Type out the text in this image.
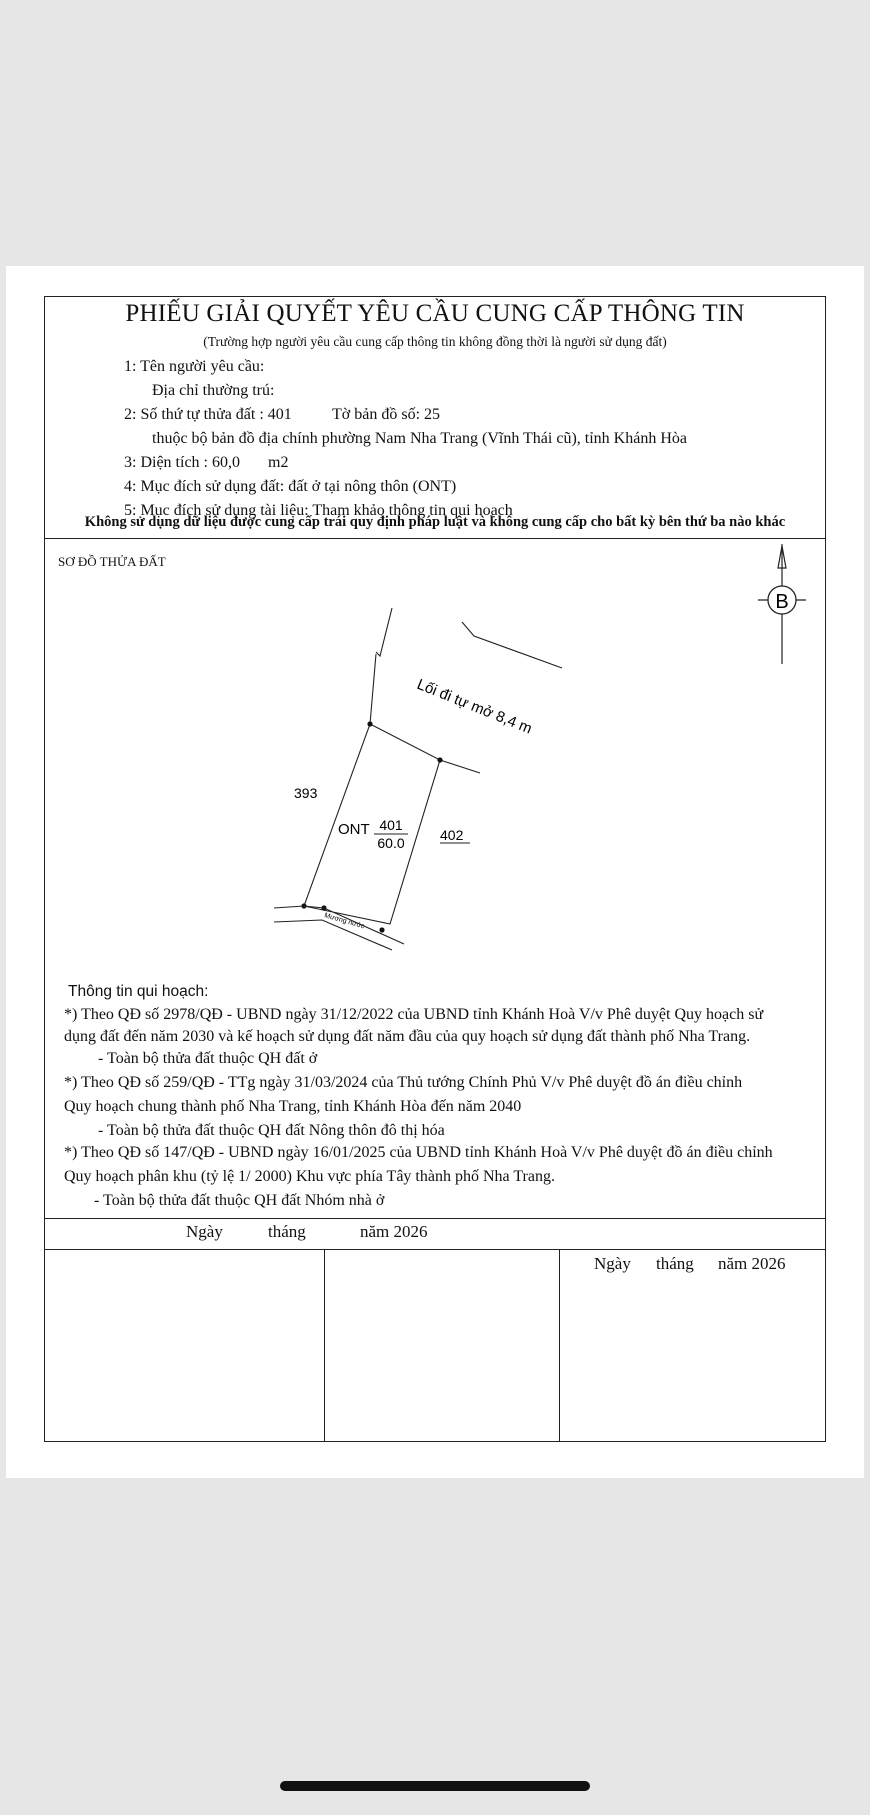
PHIẾU GIẢI QUYẾT YÊU CẦU CUNG CẤP THÔNG TIN
(Trường hợp người yêu cầu cung cấp thông tin không đồng thời là người sử dụng đất)
1: Tên người yêu cầu:
Địa chỉ thường trú:
2: Số thứ tự thửa đất : 401	Tờ bản đồ số: 25
thuộc bộ bản đồ địa chính phường Nam Nha Trang (Vĩnh Thái cũ), tỉnh Khánh Hòa
3: Diện tích : 60,0 m2
4: Mục đích sử dụng đất: đất ở tại nông thôn (ONT)
5: Mục đích sử dụng tài liệu: Tham khảo thông tin qui hoạch
Không sử dụng dữ liệu được cung cấp trái quy định pháp luật và không cung cấp cho bất kỳ bên thứ ba nào khác
SƠ ĐỒ THỬA ĐẤT
B
Lối đi tự mở 8,4 m
393
ONT 401
60.0	402
Mương nước
Thông tin qui hoạch:
*) Theo QĐ số 2978/QĐ - UBND ngày 31/12/2022 của UBND tỉnh Khánh Hoà V/v Phê duyệt Quy hoạch sử
dụng đất đến năm 2030 và kế hoạch sử dụng đất năm đầu của quy hoạch sử dụng đất thành phố Nha Trang.
- Toàn bộ thửa đất thuộc QH đất ở
*) Theo QĐ số 259/QĐ - TTg ngày 31/03/2024 của Thủ tướng Chính Phủ V/v Phê duyệt đồ án điều chỉnh
Quy hoạch chung thành phố Nha Trang, tỉnh Khánh Hòa đến năm 2040
- Toàn bộ thửa đất thuộc QH đất Nông thôn đô thị hóa
*) Theo QĐ số 147/QĐ - UBND ngày 16/01/2025 của UBND tỉnh Khánh Hoà V/v Phê duyệt đồ án điều chỉnh
Quy hoạch phân khu (tỷ lệ 1/ 2000) Khu vực phía Tây thành phố Nha Trang.
- Toàn bộ thửa đất thuộc QH đất Nhóm nhà ở
Ngày	tháng	năm 2026
Ngày tháng năm 2026
